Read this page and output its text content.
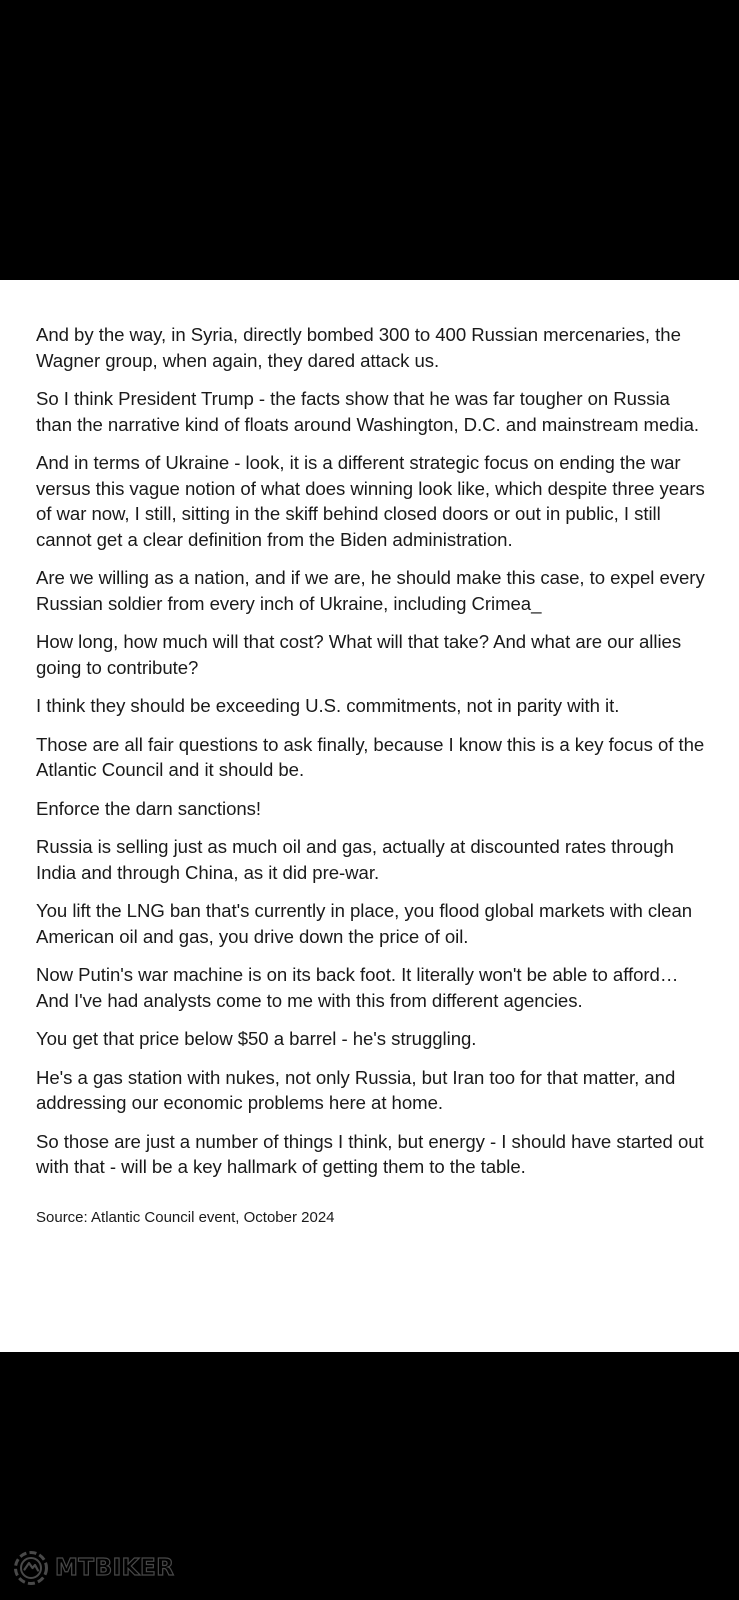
And by the way, in Syria, directly bombed 300 to 400 Russian mercenaries, the Wagner group, when again, they dared attack us.

So I think President Trump - the facts show that he was far tougher on Russia than the narrative kind of floats around Washington, D.C. and mainstream media.

And in terms of Ukraine - look, it is a different strategic focus on ending the war versus this vague notion of what does winning look like, which despite three years of war now, I still, sitting in the skiff behind closed doors or out in public, I still cannot get a clear definition from the Biden administration.

Are we willing as a nation, and if we are, he should make this case, to expel every Russian soldier from every inch of Ukraine, including Crimea_

How long, how much will that cost? What will that take? And what are our allies going to contribute?

I think they should be exceeding U.S. commitments, not in parity with it.

Those are all fair questions to ask finally, because I know this is a key focus of the Atlantic Council and it should be.

Enforce the darn sanctions!

Russia is selling just as much oil and gas, actually at discounted rates through India and through China, as it did pre-war.

You lift the LNG ban that's currently in place, you flood global markets with clean American oil and gas, you drive down the price of oil.

Now Putin's war machine is on its back foot. It literally won't be able to afford… And I've had analysts come to me with this from different agencies.

You get that price below $50 a barrel - he's struggling.

He's a gas station with nukes, not only Russia, but Iran too for that matter, and addressing our economic problems here at home.

So those are just a number of things I think, but energy - I should have started out with that - will be a key hallmark of getting them to the table.

Source: Atlantic Council event, October 2024
MTBIKER
